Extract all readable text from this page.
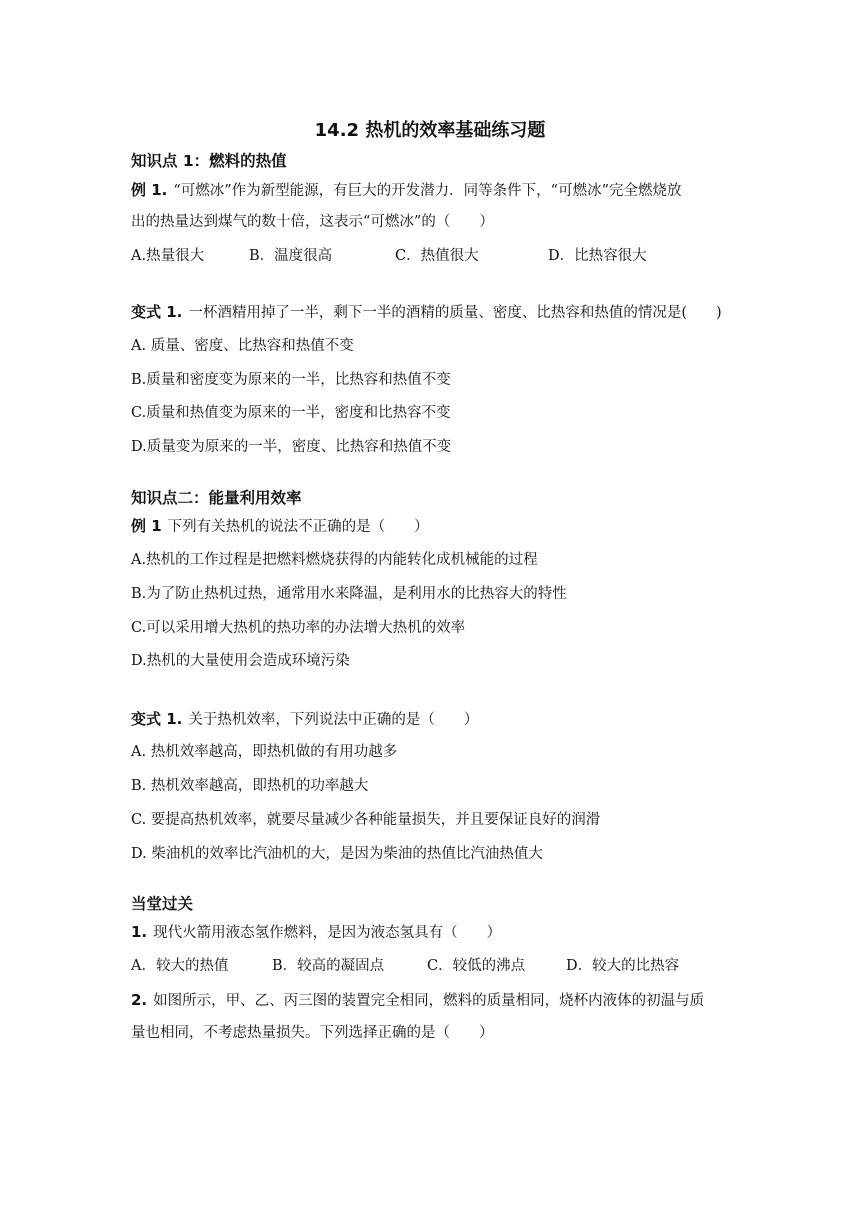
14.2 热机的效率基础练习题
知识点 1：燃料的热值
例 1. “可燃冰”作为新型能源，有巨大的开发潜力．同等条件下，“可燃冰”完全燃烧放
出的热量达到煤气的数十倍，这表示“可燃冰”的（　　）
A.热量很大	B．温度很高	C．热值很大	D．比热容很大
变式 1. 一杯酒精用掉了一半，剩下一半的酒精的质量、密度、比热容和热值的情况是(　　)
A. 质量、密度、比热容和热值不变
B.质量和密度变为原来的一半，比热容和热值不变
C.质量和热值变为原来的一半，密度和比热容不变
D.质量变为原来的一半，密度、比热容和热值不变
知识点二：能量利用效率
例 1 下列有关热机的说法不正确的是（　　）
A.热机的工作过程是把燃料燃烧获得的内能转化成机械能的过程
B.为了防止热机过热，通常用水来降温，是利用水的比热容大的特性
C.可以采用增大热机的热功率的办法增大热机的效率
D.热机的大量使用会造成环境污染
变式 1. 关于热机效率，下列说法中正确的是（　　）
A. 热机效率越高，即热机做的有用功越多
B. 热机效率越高，即热机的功率越大
C. 要提高热机效率，就要尽量减少各种能量损失，并且要保证良好的润滑
D. 柴油机的效率比汽油机的大，是因为柴油的热值比汽油热值大
当堂过关
1. 现代火箭用液态氢作燃料，是因为液态氢具有（　　）
A．较大的热值	B．较高的凝固点	C．较低的沸点	D．较大的比热容
2. 如图所示，甲、乙、丙三图的装置完全相同，燃料的质量相同，烧杯内液体的初温与质
量也相同，不考虑热量损失。下列选择正确的是（　　）
